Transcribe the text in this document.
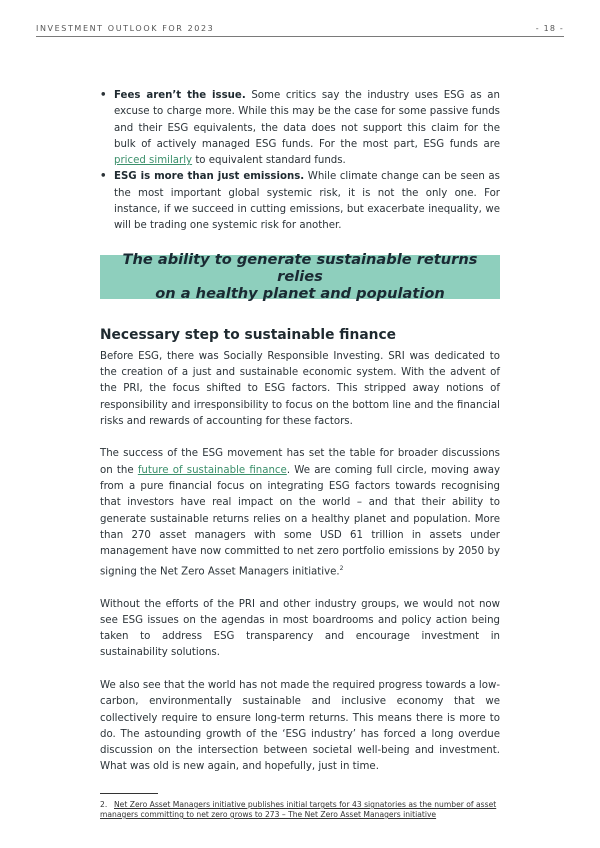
INVESTMENT OUTLOOK FOR 2023	- 18 -
• Fees aren’t the issue. Some critics say the industry uses ESG as an excuse to charge more. While this may be the case for some passive funds and their ESG equivalents, the data does not support this claim for the bulk of actively managed ESG funds. For the most part, ESG funds are priced similarly to equivalent standard funds.
• ESG is more than just emissions. While climate change can be seen as the most important global systemic risk, it is not the only one. For instance, if we succeed in cutting emissions, but exacerbate inequality, we will be trading one systemic risk for another.
The ability to generate sustainable returns relies
on a healthy planet and population
Necessary step to sustainable finance

Before ESG, there was Socially Responsible Investing. SRI was dedicated to the creation of a just and sustainable economic system. With the advent of the PRI, the focus shifted to ESG factors. This stripped away notions of responsibility and irresponsibility to focus on the bottom line and the financial risks and rewards of accounting for these factors.

The success of the ESG movement has set the table for broader discussions on the future of sustainable finance. We are coming full circle, moving away from a pure financial focus on integrating ESG factors towards recognising that investors have real impact on the world – and that their ability to generate sustainable returns relies on a healthy planet and population. More than 270 asset managers with some USD 61 trillion in assets under management have now committed to net zero portfolio emissions by 2050 by signing the Net Zero Asset Managers initiative.$^2$

Without the efforts of the PRI and other industry groups, we would not now see ESG issues on the agendas in most boardrooms and policy action being taken to address ESG transparency and encourage investment in sustainability solutions.

We also see that the world has not made the required progress towards a low-carbon, environmentally sustainable and inclusive economy that we collectively require to ensure long-term returns. This means there is more to do. The astounding growth of the ‘ESG industry’ has forced a long overdue discussion on the intersection between societal well-being and investment. What was old is new again, and hopefully, just in time.

2. Net Zero Asset Managers initiative publishes initial targets for 43 signatories as the number of asset managers committing to net zero grows to 273 – The Net Zero Asset Managers initiative
